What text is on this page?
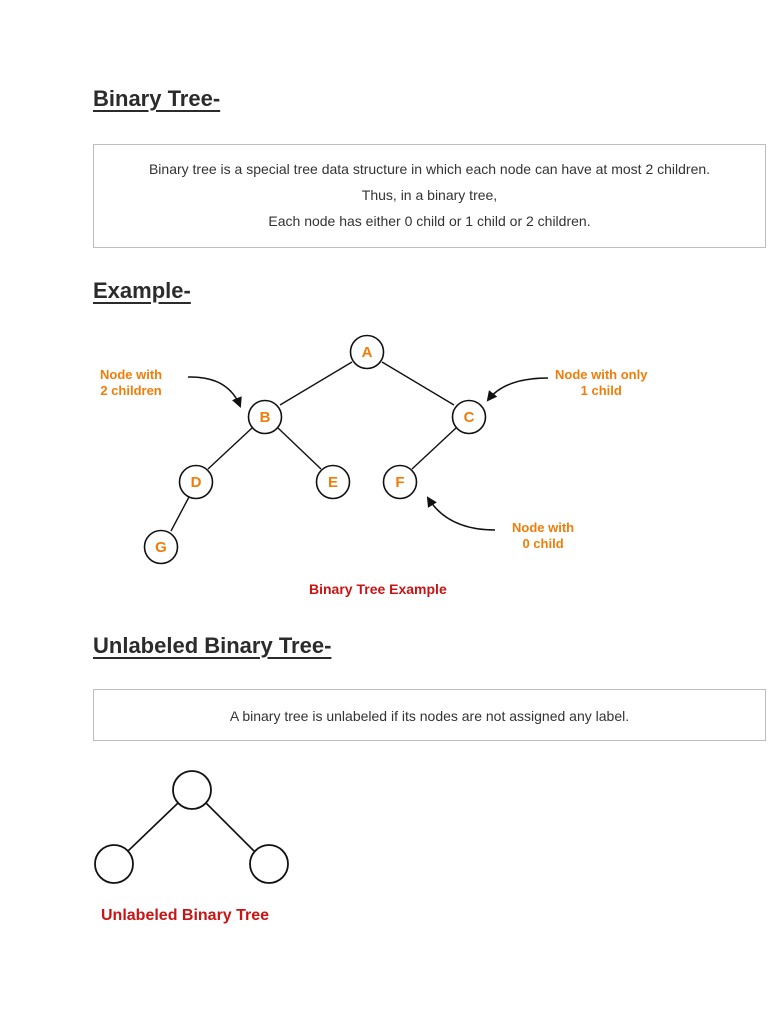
Binary Tree-

Binary tree is a special tree data structure in which each node can have at most 2 children.

Thus, in a binary tree,

Each node has either 0 child or 1 child or 2 children.

Example-
A
B	C
D	E	F
G
Node with
2 children
Node with only
1 child
Node with
0 child
Binary Tree Example
Unlabeled Binary Tree-

A binary tree is unlabeled if its nodes are not assigned any label.

Unlabeled Binary Tree
